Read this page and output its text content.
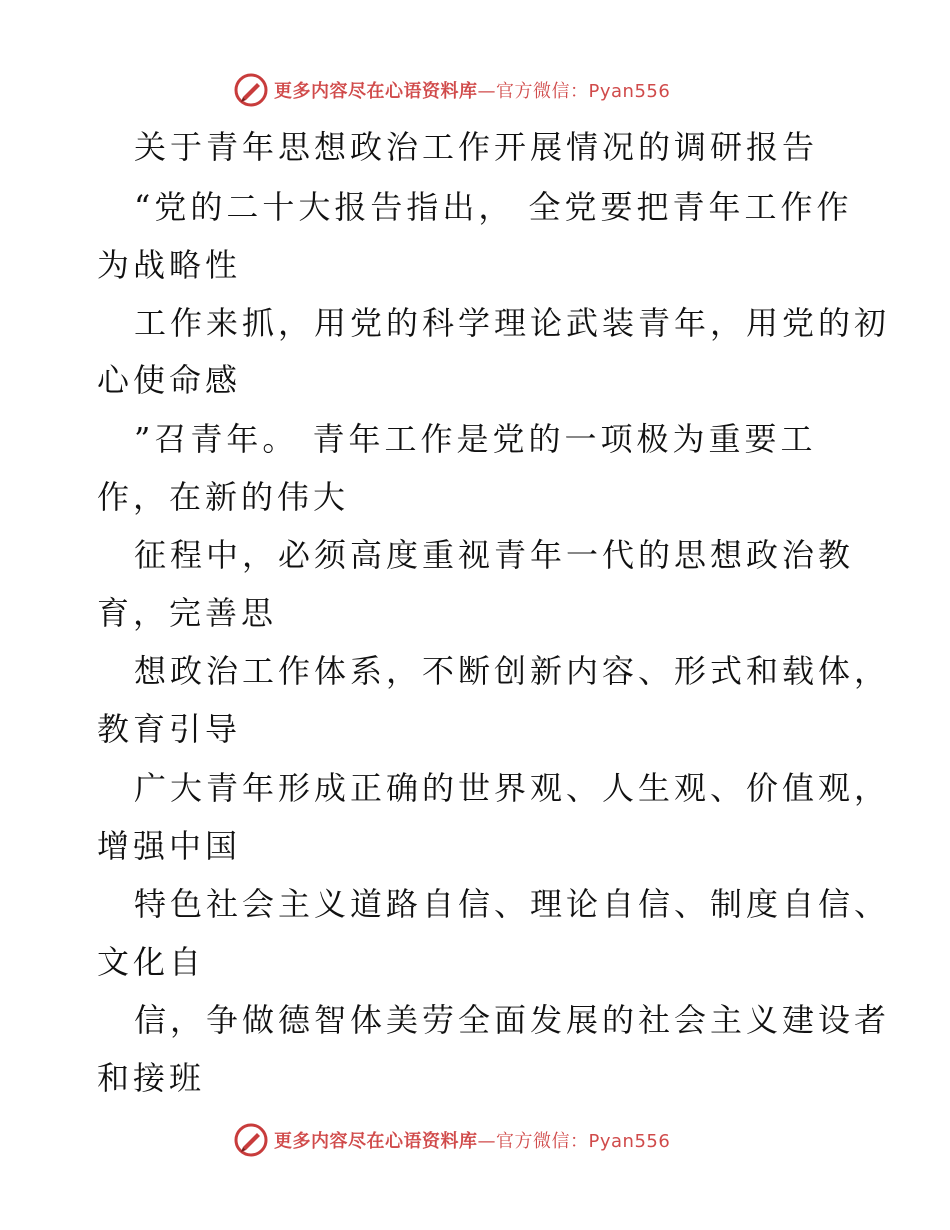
更多内容尽在心语资料库—官方微信：Pyan556
关于青年思想政治工作开展情况的调研报告
“党的二十大报告指出， 全党要把青年工作作
为战略性
工作来抓，用党的科学理论武装青年，用党的初
心使命感
”召青年。 青年工作是党的一项极为重要工
作，在新的伟大
征程中，必须高度重视青年一代的思想政治教
育，完善思
想政治工作体系，不断创新内容、形式和载体，
教育引导
广大青年形成正确的世界观、人生观、价值观，
增强中国
特色社会主义道路自信、理论自信、制度自信、
文化自
信，争做德智体美劳全面发展的社会主义建设者
和接班
更多内容尽在心语资料库—官方微信：Pyan556
